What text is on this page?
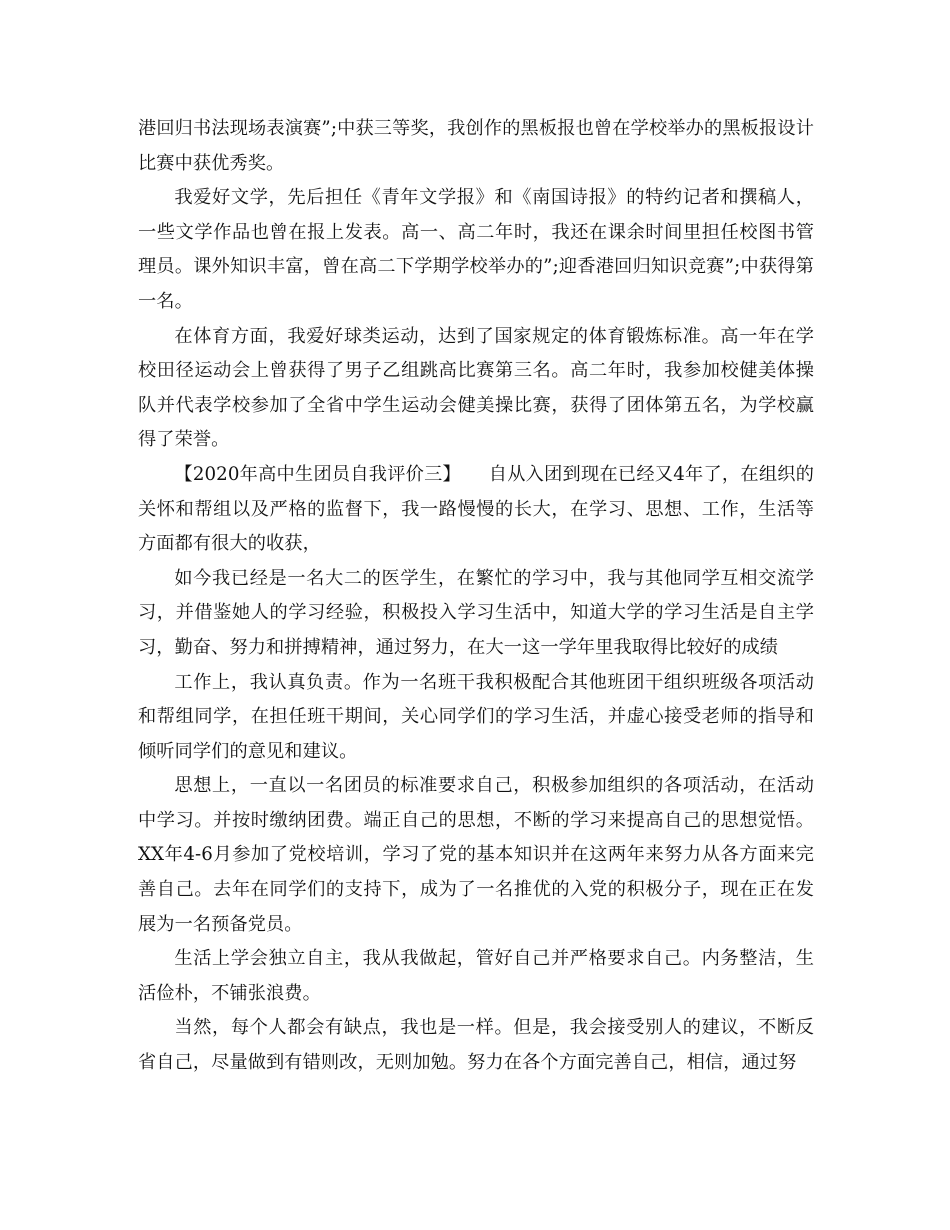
港回归书法现场表演赛”;中获三等奖，我创作的黑板报也曾在学校举办的黑板报设计比赛中获优秀奖。

我爱好文学，先后担任《青年文学报》和《南国诗报》的特约记者和撰稿人，一些文学作品也曾在报上发表。高一、高二年时，我还在课余时间里担任校图书管理员。课外知识丰富，曾在高二下学期学校举办的”;迎香港回归知识竞赛”;中获得第一名。

在体育方面，我爱好球类运动，达到了国家规定的体育锻炼标准。高一年在学校田径运动会上曾获得了男子乙组跳高比赛第三名。高二年时，我参加校健美体操队并代表学校参加了全省中学生运动会健美操比赛，获得了团体第五名，为学校赢得了荣誉。

【2020年高中生团员自我评价三】　　自从入团到现在已经又4年了，在组织的关怀和帮组以及严格的监督下，我一路慢慢的长大，在学习、思想、工作，生活等方面都有很大的收获，

如今我已经是一名大二的医学生，在繁忙的学习中，我与其他同学互相交流学习，并借鉴她人的学习经验，积极投入学习生活中，知道大学的学习生活是自主学习，勤奋、努力和拼搏精神，通过努力，在大一这一学年里我取得比较好的成绩

工作上，我认真负责。作为一名班干我积极配合其他班团干组织班级各项活动和帮组同学，在担任班干期间，关心同学们的学习生活，并虚心接受老师的指导和倾听同学们的意见和建议。

思想上，一直以一名团员的标准要求自己，积极参加组织的各项活动，在活动中学习。并按时缴纳团费。端正自己的思想，不断的学习来提高自己的思想觉悟。XX年4-6月参加了党校培训，学习了党的基本知识并在这两年来努力从各方面来完善自己。去年在同学们的支持下，成为了一名推优的入党的积极分子，现在正在发展为一名预备党员。

生活上学会独立自主，我从我做起，管好自己并严格要求自己。内务整洁，生活俭朴，不铺张浪费。

当然，每个人都会有缺点，我也是一样。但是，我会接受别人的建议，不断反省自己，尽量做到有错则改，无则加勉。努力在各个方面完善自己，相信，通过努
